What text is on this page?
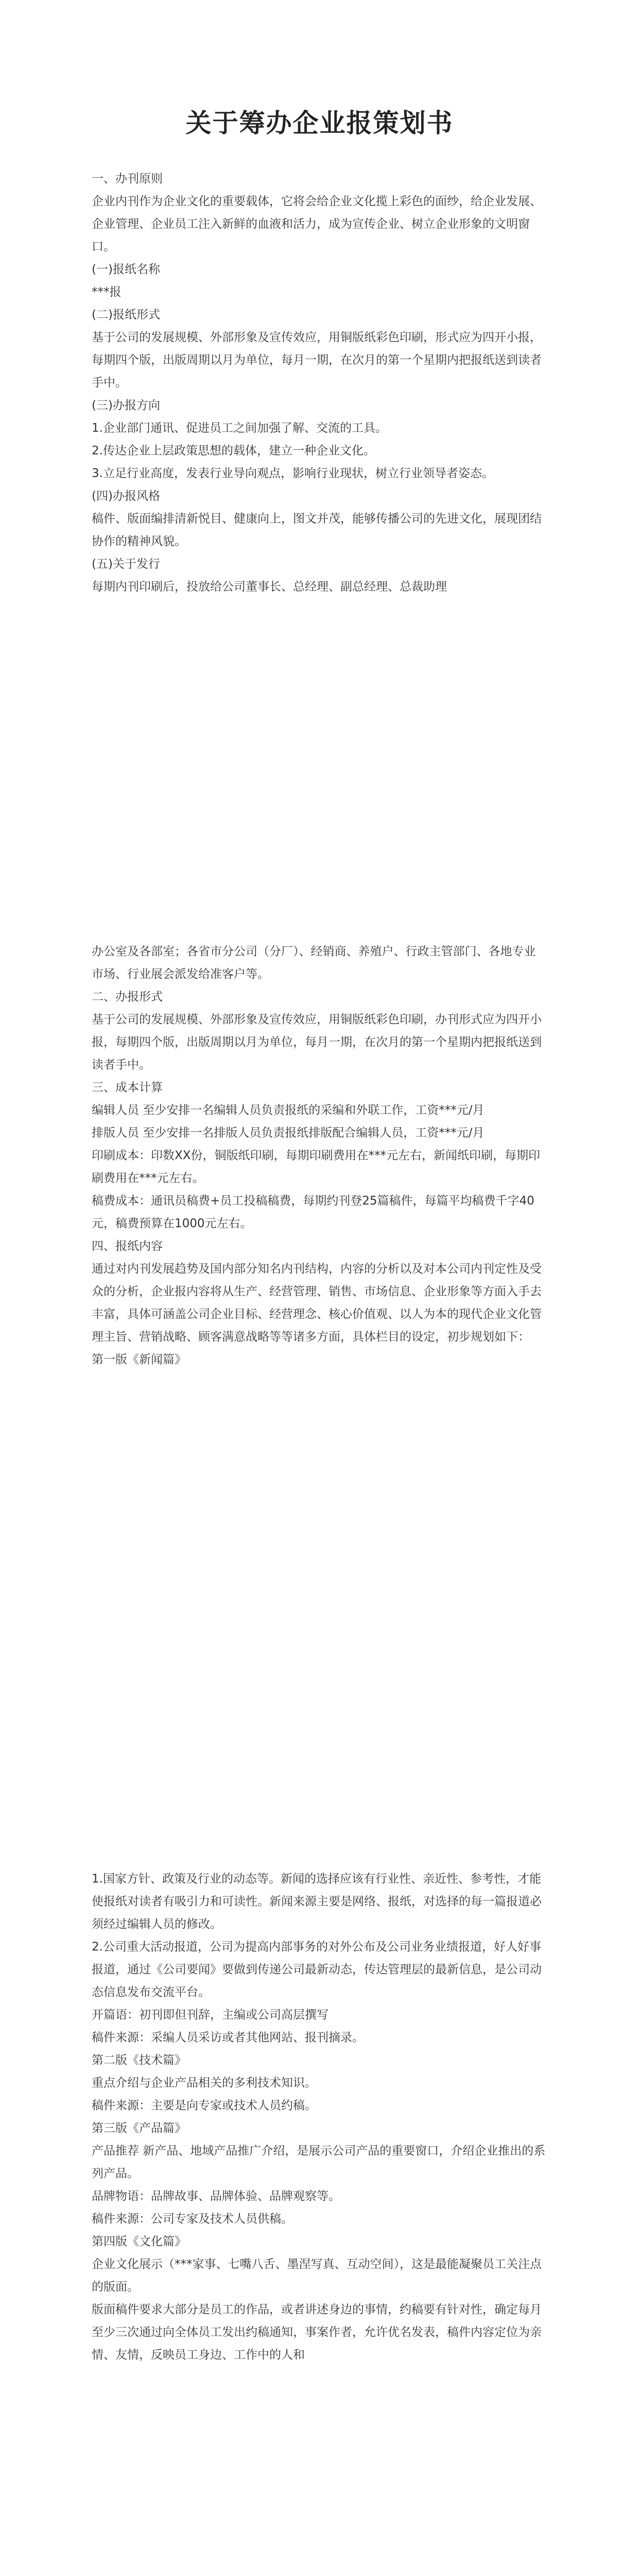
关于筹办企业报策划书

一、办刊原则

企业内刊作为企业文化的重要载体，它将会给企业文化揽上彩色的面纱，给企业发展、企业管理、企业员工注入新鲜的血液和活力，成为宣传企业、树立企业形象的文明窗口。

(一)报纸名称

***报

(二)报纸形式

基于公司的发展规模、外部形象及宣传效应，用铜版纸彩色印刷，形式应为四开小报，每期四个版，出版周期以月为单位，每月一期，在次月的第一个星期内把报纸送到读者手中。

(三)办报方向

1.企业部门通讯、促进员工之间加强了解、交流的工具。

2.传达企业上层政策思想的载体，建立一种企业文化。

3.立足行业高度，发表行业导向观点，影响行业现状，树立行业领导者姿态。

(四)办报风格

稿件、版面编排清新悦目、健康向上，图文并茂，能够传播公司的先进文化，展现团结协作的精神风貌。

(五)关于发行

每期内刊印刷后，投放给公司董事长、总经理、副总经理、总裁助理

办公室及各部室；各省市分公司（分厂）、经销商、养殖户、行政主管部门、各地专业市场、行业展会派发给准客户等。

二、办报形式

基于公司的发展规模、外部形象及宣传效应，用铜版纸彩色印刷，办刊形式应为四开小报，每期四个版，出版周期以月为单位，每月一期，在次月的第一个星期内把报纸送到读者手中。

三、成本计算

编辑人员 至少安排一名编辑人员负责报纸的采编和外联工作，工资***元/月

排版人员 至少安排一名排版人员负责报纸排版配合编辑人员，工资***元/月

印刷成本：印数XX份，铜版纸印刷，每期印刷费用在***元左右，新闻纸印刷，每期印刷费用在***元左右。

稿费成本：通讯员稿费+员工投稿稿费，每期约刊登25篇稿件，每篇平均稿费千字40元，稿费预算在1000元左右。

四、报纸内容

通过对内刊发展趋势及国内部分知名内刊结构，内容的分析以及对本公司内刊定性及受众的分析，企业报内容将从生产、经营管理、销售、市场信息、企业形象等方面入手去丰富，具体可涵盖公司企业目标、经营理念、核心价值观、以人为本的现代企业文化管理主旨、营销战略、顾客满意战略等等诸多方面，具体栏目的设定，初步规划如下：

第一版《新闻篇》

1.国家方针、政策及行业的动态等。新闻的选择应该有行业性、亲近性、参考性，才能使报纸对读者有吸引力和可读性。新闻来源主要是网络、报纸，对选择的每一篇报道必须经过编辑人员的修改。

2.公司重大活动报道，公司为提高内部事务的对外公布及公司业务业绩报道，好人好事报道，通过《公司要闻》要做到传递公司最新动态，传达管理层的最新信息，是公司动态信息发布交流平台。

开篇语：初刊即但刊辞，主编或公司高层撰写

稿件来源：采编人员采访或者其他网站、报刊摘录。

第二版《技术篇》

重点介绍与企业产品相关的多利技术知识。

稿件来源：主要是向专家或技术人员约稿。

第三版《产品篇》

产品推荐 新产品、地域产品推广介绍，是展示公司产品的重要窗口，介绍企业推出的系列产品。

品牌物语：品牌故事、品牌体验、品牌观察等。

稿件来源：公司专家及技术人员供稿。

第四版《文化篇》

企业文化展示（***家事、七嘴八舌、墨涅写真、互动空间），这是最能凝聚员工关注点的版面。

版面稿件要求大部分是员工的作品，或者讲述身边的事情，约稿要有针对性，确定每月至少三次通过向全体员工发出约稿通知，事案作者，允许优名发表，稿件内容定位为亲情、友情，反映员工身边、工作中的人和
